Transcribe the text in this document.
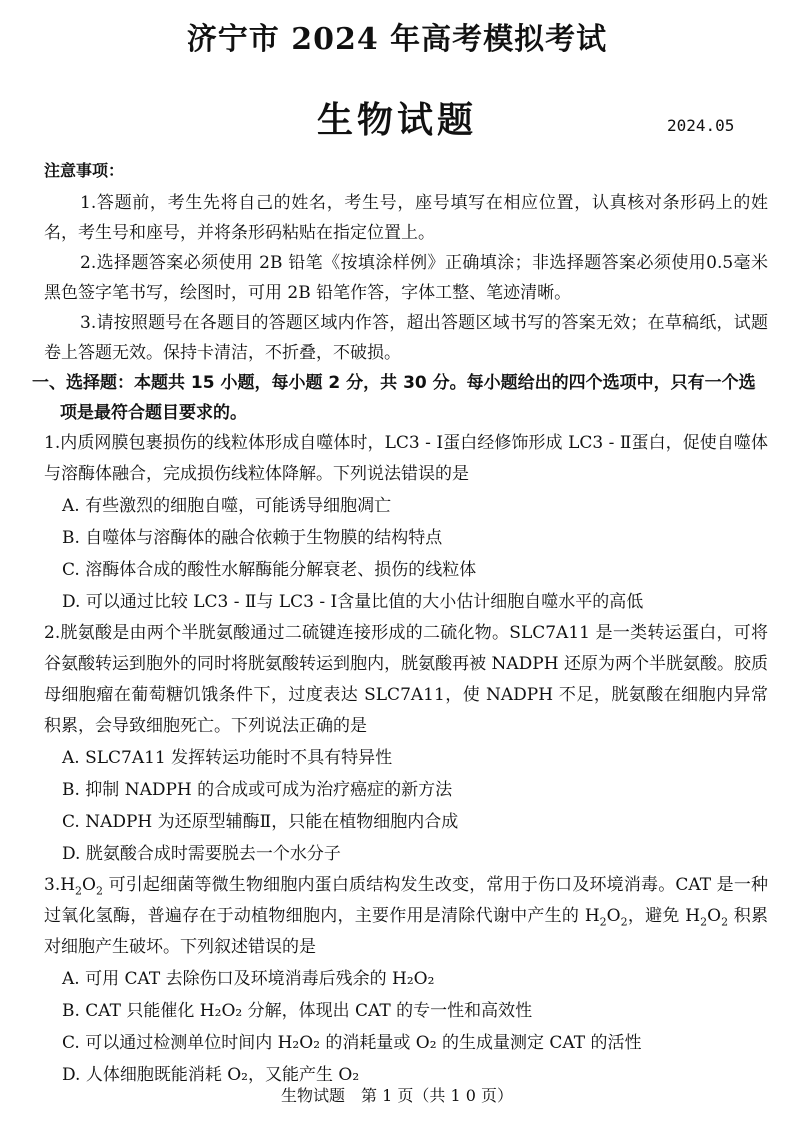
济宁市 2024 年高考模拟考试
生物试题	2024.05
注意事项：

1.答题前，考生先将自己的姓名，考生号，座号填写在相应位置，认真核对条形码上的姓名，考生号和座号，并将条形码粘贴在指定位置上。

2.选择题答案必须使用 2B 铅笔《按填涂样例》正确填涂；非选择题答案必须使用0.5毫米黑色签字笔书写，绘图时，可用 2B 铅笔作答，字体工整、笔迹清晰。

3.请按照题号在各题目的答题区域内作答，超出答题区域书写的答案无效；在草稿纸，试题卷上答题无效。保持卡清洁，不折叠，不破损。

一、选择题：本题共 15 小题，每小题 2 分，共 30 分。每小题给出的四个选项中，只有一个选
项是最符合题目要求的。

1.内质网膜包裹损伤的线粒体形成自噬体时，LC3 - Ⅰ蛋白经修饰形成 LC3 - Ⅱ蛋白，促使自噬体与溶酶体融合，完成损伤线粒体降解。下列说法错误的是

A. 有些激烈的细胞自噬，可能诱导细胞凋亡

B. 自噬体与溶酶体的融合依赖于生物膜的结构特点

C. 溶酶体合成的酸性水解酶能分解衰老、损伤的线粒体

D. 可以通过比较 LC3 - Ⅱ与 LC3 - Ⅰ含量比值的大小估计细胞自噬水平的高低

2.胱氨酸是由两个半胱氨酸通过二硫键连接形成的二硫化物。SLC7A11 是一类转运蛋白，可将谷氨酸转运到胞外的同时将胱氨酸转运到胞内，胱氨酸再被 NADPH 还原为两个半胱氨酸。胶质母细胞瘤在葡萄糖饥饿条件下，过度表达 SLC7A11，使 NADPH 不足，胱氨酸在细胞内异常积累，会导致细胞死亡。下列说法正确的是

A. SLC7A11 发挥转运功能时不具有特异性

B. 抑制 NADPH 的合成或可成为治疗癌症的新方法

C. NADPH 为还原型辅酶Ⅱ，只能在植物细胞内合成

D. 胱氨酸合成时需要脱去一个水分子

$3.H_2O_2$ 可引起细菌等微生物细胞内蛋白质结构发生改变，常用于伤口及环境消毒。CAT 是一种过氧化氢酶，普遍存在于动植物细胞内，主要作用是清除代谢中产生的 $H_2O_2$，避免 $H_2O_2$ 积累对细胞产生破坏。下列叙述错误的是

A. 可用 CAT 去除伤口及环境消毒后残余的 H₂O₂

B. CAT 只能催化 H₂O₂ 分解，体现出 CAT 的专一性和高效性

C. 可以通过检测单位时间内 H₂O₂ 的消耗量或 O₂ 的生成量测定 CAT 的活性

D. 人体细胞既能消耗 O₂，又能产生 O₂

生物试题　第 1 页（共 1 0 页）
